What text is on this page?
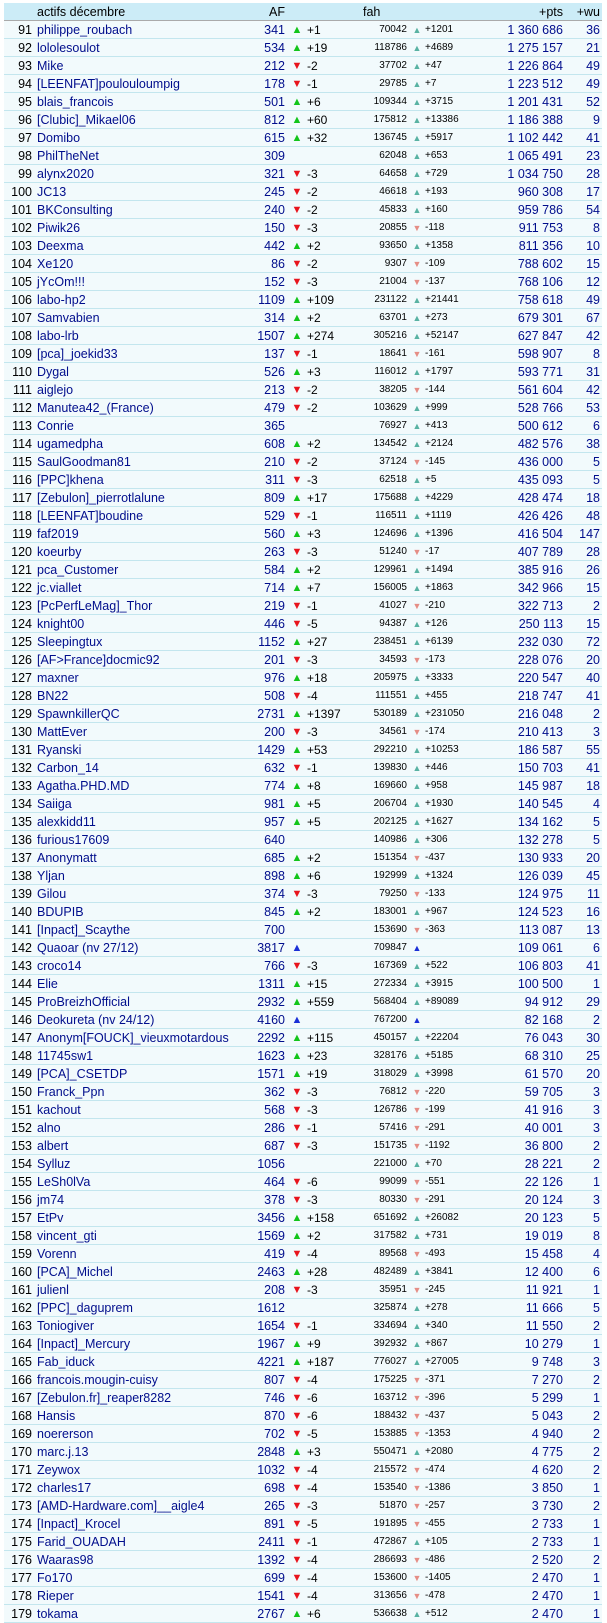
	actifs décembre	AF			fah			+pts	+wu
91	philippe_roubach	341	▲	+1	70042	▲	+1201	1 360 686	36
92	lololesoulot	534	▲	+19	118786	▲	+4689	1 275 157	21
93	Mike	212	▼	-2	37702	▲	+47	1 226 864	49
94	[LEENFAT]poulouloumpig	178	▼	-1	29785	▲	+7	1 223 512	49
95	blais_francois	501	▲	+6	109344	▲	+3715	1 201 431	52
96	[Clubic]_Mikael06	812	▲	+60	175812	▲	+13386	1 186 388	9
97	Domibo	615	▲	+32	136745	▲	+5917	1 102 442	41
98	PhilTheNet	309			62048	▲	+653	1 065 491	23
99	alynx2020	321	▼	-3	64658	▲	+729	1 034 750	28
100	JC13	245	▼	-2	46618	▲	+193	960 308	17
101	BKConsulting	240	▼	-2	45833	▲	+160	959 786	54
102	Piwik26	150	▼	-3	20855	▼	-118	911 753	8
103	Deexma	442	▲	+2	93650	▲	+1358	811 356	10
104	Xe120	86	▼	-2	9307	▼	-109	788 602	15
105	jYcOm!!!	152	▼	-3	21004	▼	-137	768 106	12
106	labo-hp2	1109	▲	+109	231122	▲	+21441	758 618	49
107	Samvabien	314	▲	+2	63701	▲	+273	679 301	67
108	labo-lrb	1507	▲	+274	305216	▲	+52147	627 847	42
109	[pca]_joekid33	137	▼	-1	18641	▼	-161	598 907	8
110	Dygal	526	▲	+3	116012	▲	+1797	593 771	31
111	aiglejo	213	▼	-2	38205	▼	-144	561 604	42
112	Manutea42_(France)	479	▼	-2	103629	▲	+999	528 766	53
113	Conrie	365			76927	▲	+413	500 612	6
114	ugamedpha	608	▲	+2	134542	▲	+2124	482 576	38
115	SaulGoodman81	210	▼	-2	37124	▼	-145	436 000	5
116	[PPC]khena	311	▼	-3	62518	▲	+5	435 093	5
117	[Zebulon]_pierrotlalune	809	▲	+17	175688	▲	+4229	428 474	18
118	[LEENFAT]boudine	529	▼	-1	116511	▲	+1119	426 426	48
119	faf2019	560	▲	+3	124696	▲	+1396	416 504	147
120	koeurby	263	▼	-3	51240	▼	-17	407 789	28
121	pca_Customer	584	▲	+2	129961	▲	+1494	385 916	26
122	jc.viallet	714	▲	+7	156005	▲	+1863	342 966	15
123	[PcPerfLeMag]_Thor	219	▼	-1	41027	▼	-210	322 713	2
124	knight00	446	▼	-5	94387	▲	+126	250 113	15
125	Sleepingtux	1152	▲	+27	238451	▲	+6139	232 030	72
126	[AF>France]docmic92	201	▼	-3	34593	▼	-173	228 076	20
127	maxner	976	▲	+18	205975	▲	+3333	220 547	40
128	BN22	508	▼	-4	111551	▲	+455	218 747	41
129	SpawnkillerQC	2731	▲	+1397	530189	▲	+231050	216 048	2
130	MattEver	200	▼	-3	34561	▼	-174	210 413	3
131	Ryanski	1429	▲	+53	292210	▲	+10253	186 587	55
132	Carbon_14	632	▼	-1	139830	▲	+446	150 703	41
133	Agatha.PHD.MD	774	▲	+8	169660	▲	+958	145 987	18
134	Saiiga	981	▲	+5	206704	▲	+1930	140 545	4
135	alexkidd11	957	▲	+5	202125	▲	+1627	134 162	5
136	furious17609	640			140986	▲	+306	132 278	5
137	Anonymatt	685	▲	+2	151354	▼	-437	130 933	20
138	Yljan	898	▲	+6	192999	▲	+1324	126 039	45
139	Gilou	374	▼	-3	79250	▼	-133	124 975	11
140	BDUPIB	845	▲	+2	183001	▲	+967	124 523	16
141	[Inpact]_Scaythe	700			153690	▼	-363	113 087	13
142	Quaoar (nv 27/12)	3817	▲		709847	▲		109 061	6
143	croco14	766	▼	-3	167369	▲	+522	106 803	41
144	Elie	1311	▲	+15	272334	▲	+3915	100 500	1
145	ProBreizhOfficial	2932	▲	+559	568404	▲	+89089	94 912	29
146	Deokureta (nv 24/12)	4160	▲		767200	▲		82 168	2
147	Anonym[FOUCK]_vieuxmotardous	2292	▲	+115	450157	▲	+22204	76 043	30
148	11745sw1	1623	▲	+23	328176	▲	+5185	68 310	25
149	[PCA]_CSETDP	1571	▲	+19	318029	▲	+3998	61 570	20
150	Franck_Ppn	362	▼	-3	76812	▼	-220	59 705	3
151	kachout	568	▼	-3	126786	▼	-199	41 916	3
152	alno	286	▼	-1	57416	▼	-291	40 001	3
153	albert	687	▼	-3	151735	▼	-1192	36 800	2
154	Sylluz	1056			221000	▲	+70	28 221	2
155	LeSh0lVa	464	▼	-6	99099	▼	-551	22 126	1
156	jm74	378	▼	-3	80330	▼	-291	20 124	3
157	EtPv	3456	▲	+158	651692	▲	+26082	20 123	5
158	vincent_gti	1569	▲	+2	317582	▲	+731	19 019	8
159	Vorenn	419	▼	-4	89568	▼	-493	15 458	4
160	[PCA]_Michel	2463	▲	+28	482489	▲	+3841	12 400	6
161	julienl	208	▼	-3	35951	▼	-245	11 921	1
162	[PPC]_daguprem	1612			325874	▲	+278	11 666	5
163	Toniogiver	1654	▼	-1	334694	▲	+340	11 550	2
164	[Inpact]_Mercury	1967	▲	+9	392932	▲	+867	10 279	1
165	Fab_iduck	4221	▲	+187	776027	▲	+27005	9 748	3
166	francois.mougin-cuisy	807	▼	-4	175225	▼	-371	7 270	2
167	[Zebulon.fr]_reaper8282	746	▼	-6	163712	▼	-396	5 299	1
168	Hansis	870	▼	-6	188432	▼	-437	5 043	2
169	noererson	702	▼	-5	153885	▼	-1353	4 940	2
170	marc.j.13	2848	▲	+3	550471	▲	+2080	4 775	2
171	Zeywox	1032	▼	-4	215572	▼	-474	4 620	2
172	charles17	698	▼	-4	153540	▼	-1386	3 850	1
173	[AMD-Hardware.com]__aigle4	265	▼	-3	51870	▼	-257	3 730	2
174	[Inpact]_Krocel	891	▼	-5	191895	▼	-455	2 733	1
175	Farid_OUADAH	2411	▼	-1	472867	▲	+105	2 733	1
176	Waaras98	1392	▼	-4	286693	▼	-486	2 520	2
177	Fo170	699	▼	-4	153600	▼	-1405	2 470	1
178	Rieper	1541	▼	-4	313656	▼	-478	2 470	1
179	tokama	2767	▲	+6	536638	▲	+512	2 470	1
